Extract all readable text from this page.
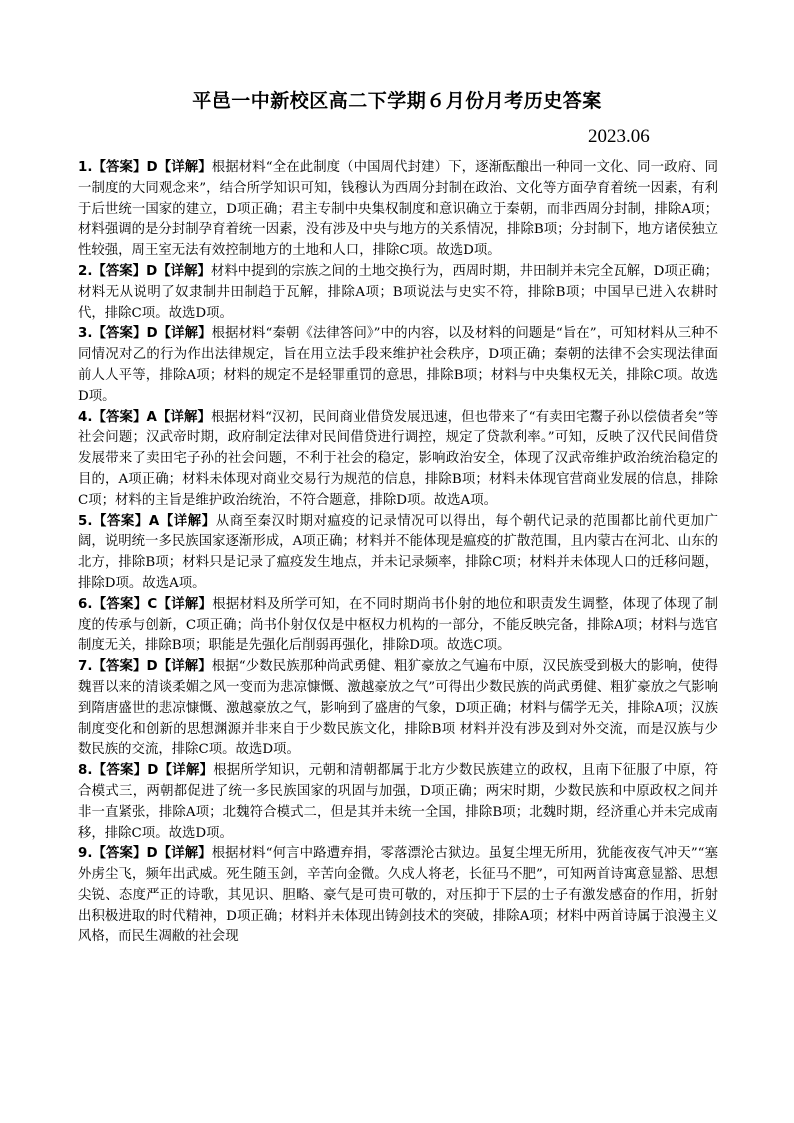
平邑一中新校区高二下学期６月份月考历史答案
2023.06

1.【答案】D【详解】根据材料“全在此制度（中国周代封建）下，逐渐酝酿出一种同一文化、同一政府、同一制度的大同观念来”，结合所学知识可知，钱穆认为西周分封制在政治、文化等方面孕育着统一因素，有利于后世统一国家的建立，D项正确；君主专制中央集权制度和意识确立于秦朝，而非西周分封制，排除A项；材料强调的是分封制孕育着统一因素，没有涉及中央与地方的关系情况，排除B项；分封制下，地方诸侯独立性较强，周王室无法有效控制地方的土地和人口，排除C项。故选D项。

2.【答案】D【详解】材料中提到的宗族之间的土地交换行为，西周时期，井田制并未完全瓦解，D项正确；材料无从说明了奴隶制井田制趋于瓦解，排除A项；B项说法与史实不符，排除B项；中国早已进入农耕时代，排除C项。故选D项。

3.【答案】D【详解】根据材料“秦朝《法律答问》”中的内容，以及材料的问题是“旨在”，可知材料从三种不同情况对乙的行为作出法律规定，旨在用立法手段来维护社会秩序，D项正确；秦朝的法律不会实现法律面前人人平等，排除A项；材料的规定不是轻罪重罚的意思，排除B项；材料与中央集权无关，排除C项。故选D项。

4.【答案】A【详解】根据材料“汉初，民间商业借贷发展迅速，但也带来了“有卖田宅鬻子孙以偿债者矣”等社会问题；汉武帝时期，政府制定法律对民间借贷进行调控，规定了贷款利率。”可知，反映了汉代民间借贷发展带来了卖田宅子孙的社会问题，不利于社会的稳定，影响政治安全，体现了汉武帝维护政治统治稳定的目的，A项正确；材料未体现对商业交易行为规范的信息，排除B项；材料未体现官营商业发展的信息，排除C项；材料的主旨是维护政治统治，不符合题意，排除D项。故选A项。

5.【答案】A【详解】从商至秦汉时期对瘟疫的记录情况可以得出，每个朝代记录的范围都比前代更加广阔，说明统一多民族国家逐渐形成，A项正确；材料并不能体现是瘟疫的扩散范围，且内蒙古在河北、山东的北方，排除B项；材料只是记录了瘟疫发生地点，并未记录频率，排除C项；材料并未体现人口的迁移问题，排除D项。故选A项。

6.【答案】C【详解】根据材料及所学可知，在不同时期尚书仆射的地位和职责发生调整，体现了体现了制度的传承与创新，C项正确；尚书仆射仅仅是中枢权力机构的一部分，不能反映完备，排除A项；材料与选官制度无关，排除B项；职能是先强化后削弱再强化，排除D项。故选C项。

7.【答案】D【详解】根据“少数民族那种尚武勇健、粗犷豪放之气遍布中原，汉民族受到极大的影响，使得魏晋以来的清谈柔媚之风一变而为悲凉慷慨、激越豪放之气”可得出少数民族的尚武勇健、粗犷豪放之气影响到隋唐盛世的悲凉慷慨、激越豪放之气，影响到了盛唐的气象，D项正确；材料与儒学无关，排除A项；汉族制度变化和创新的思想渊源并非来自于少数民族文化，排除B项 材料并没有涉及到对外交流，而是汉族与少数民族的交流，排除C项。故选D项。

8.【答案】D【详解】根据所学知识，元朝和清朝都属于北方少数民族建立的政权，且南下征服了中原，符合模式三，两朝都促进了统一多民族国家的巩固与加强，D项正确；两宋时期，少数民族和中原政权之间并非一直紧张，排除A项；北魏符合模式二，但是其并未统一全国，排除B项；北魏时期，经济重心并未完成南移，排除C项。故选D项。

9.【答案】D【详解】根据材料“何言中路遭弃捐，零落漂沦古狱边。虽复尘埋无所用，犹能夜夜气冲天”“塞外虏尘飞，频年出武威。死生随玉剑，辛苦向金微。久戍人将老，长征马不肥”，可知两首诗寓意显豁、思想尖锐、态度严正的诗歌，其见识、胆略、豪气是可贵可敬的，对压抑于下层的士子有激发感奋的作用，折射出积极进取的时代精神，D项正确；材料并未体现出铸剑技术的突破，排除A项；材料中两首诗属于浪漫主义风格，而民生凋敝的社会现
